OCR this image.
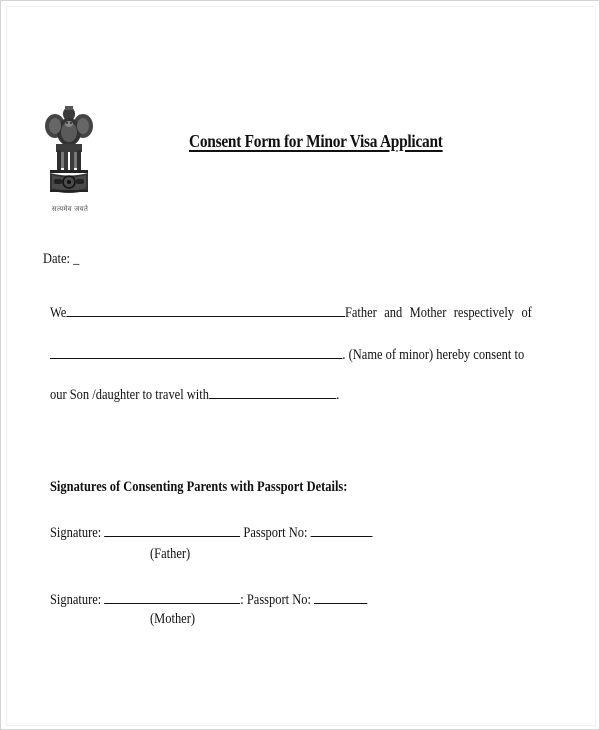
सत्यमेव जयते
Consent Form for Minor Visa Applicant
Date: _
We	Father and Mother respectively of
. (Name of minor) hereby consent to
our Son /daughter to travel with	.
Signatures of Consenting Parents with Passport Details:
Signature:	Passport No:
(Father)
Signature:	: Passport No:
(Mother)
